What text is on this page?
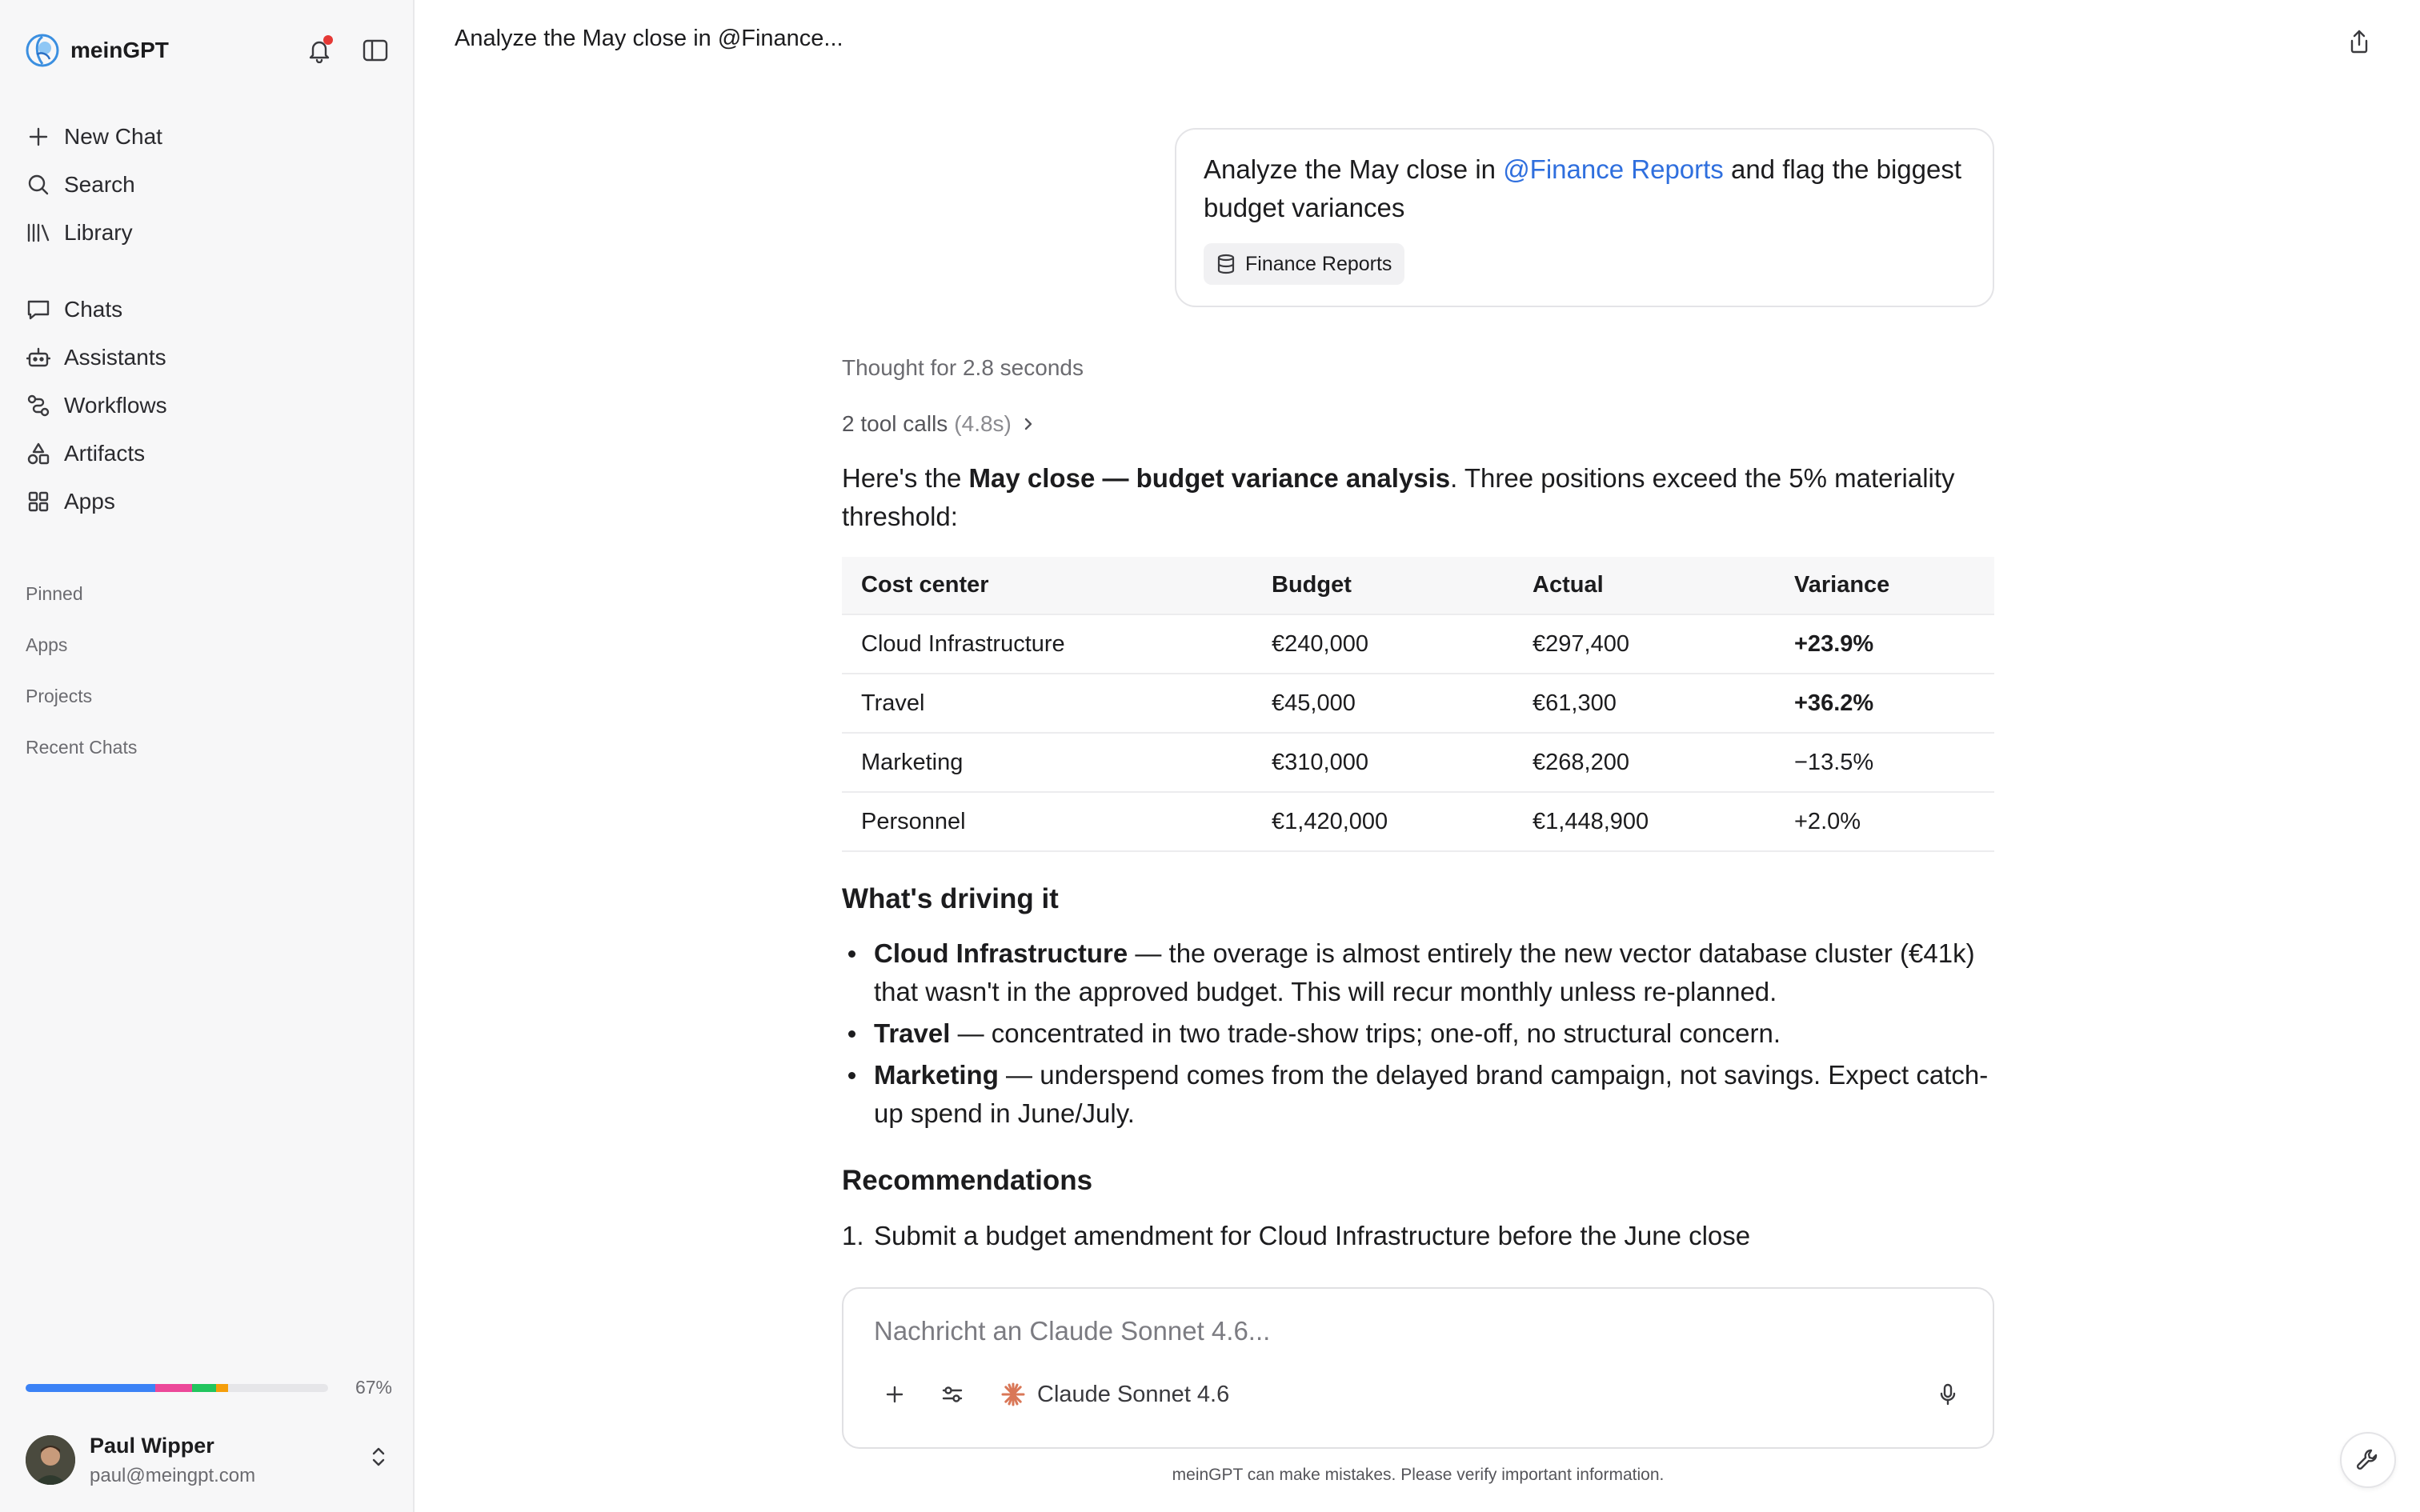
meinGPT
New Chat
Search
Library
Chats
Assistants
Workflows
Artifacts
Apps
Pinned
Apps
Projects
Recent Chats
67%
Paul Wipper
paul@meingpt.com
Analyze the May close in @Finance...
Analyze the May close in @Finance Reports and flag the biggest budget variances
Finance Reports
Thought for 2.8 seconds
2 tool calls (4.8s)
Here's the May close — budget variance analysis. Three positions exceed the 5% materiality threshold:
Cost center	Budget	Actual	Variance
Cloud Infrastructure	€240,000	€297,400	+23.9%
Travel	€45,000	€61,300	+36.2%
Marketing	€310,000	€268,200	−13.5%
Personnel	€1,420,000	€1,448,900	+2.0%
What's driving it
Cloud Infrastructure — the overage is almost entirely the new vector database cluster (€41k) that wasn't in the approved budget. This will recur monthly unless re-planned.
Travel — concentrated in two trade-show trips; one-off, no structural concern.
Marketing — underspend comes from the delayed brand campaign, not savings. Expect catch-up spend in June/July.
Recommendations
1. Submit a budget amendment for Cloud Infrastructure before the June close
Nachricht an Claude Sonnet 4.6...
Claude Sonnet 4.6
meinGPT can make mistakes. Please verify important information.
